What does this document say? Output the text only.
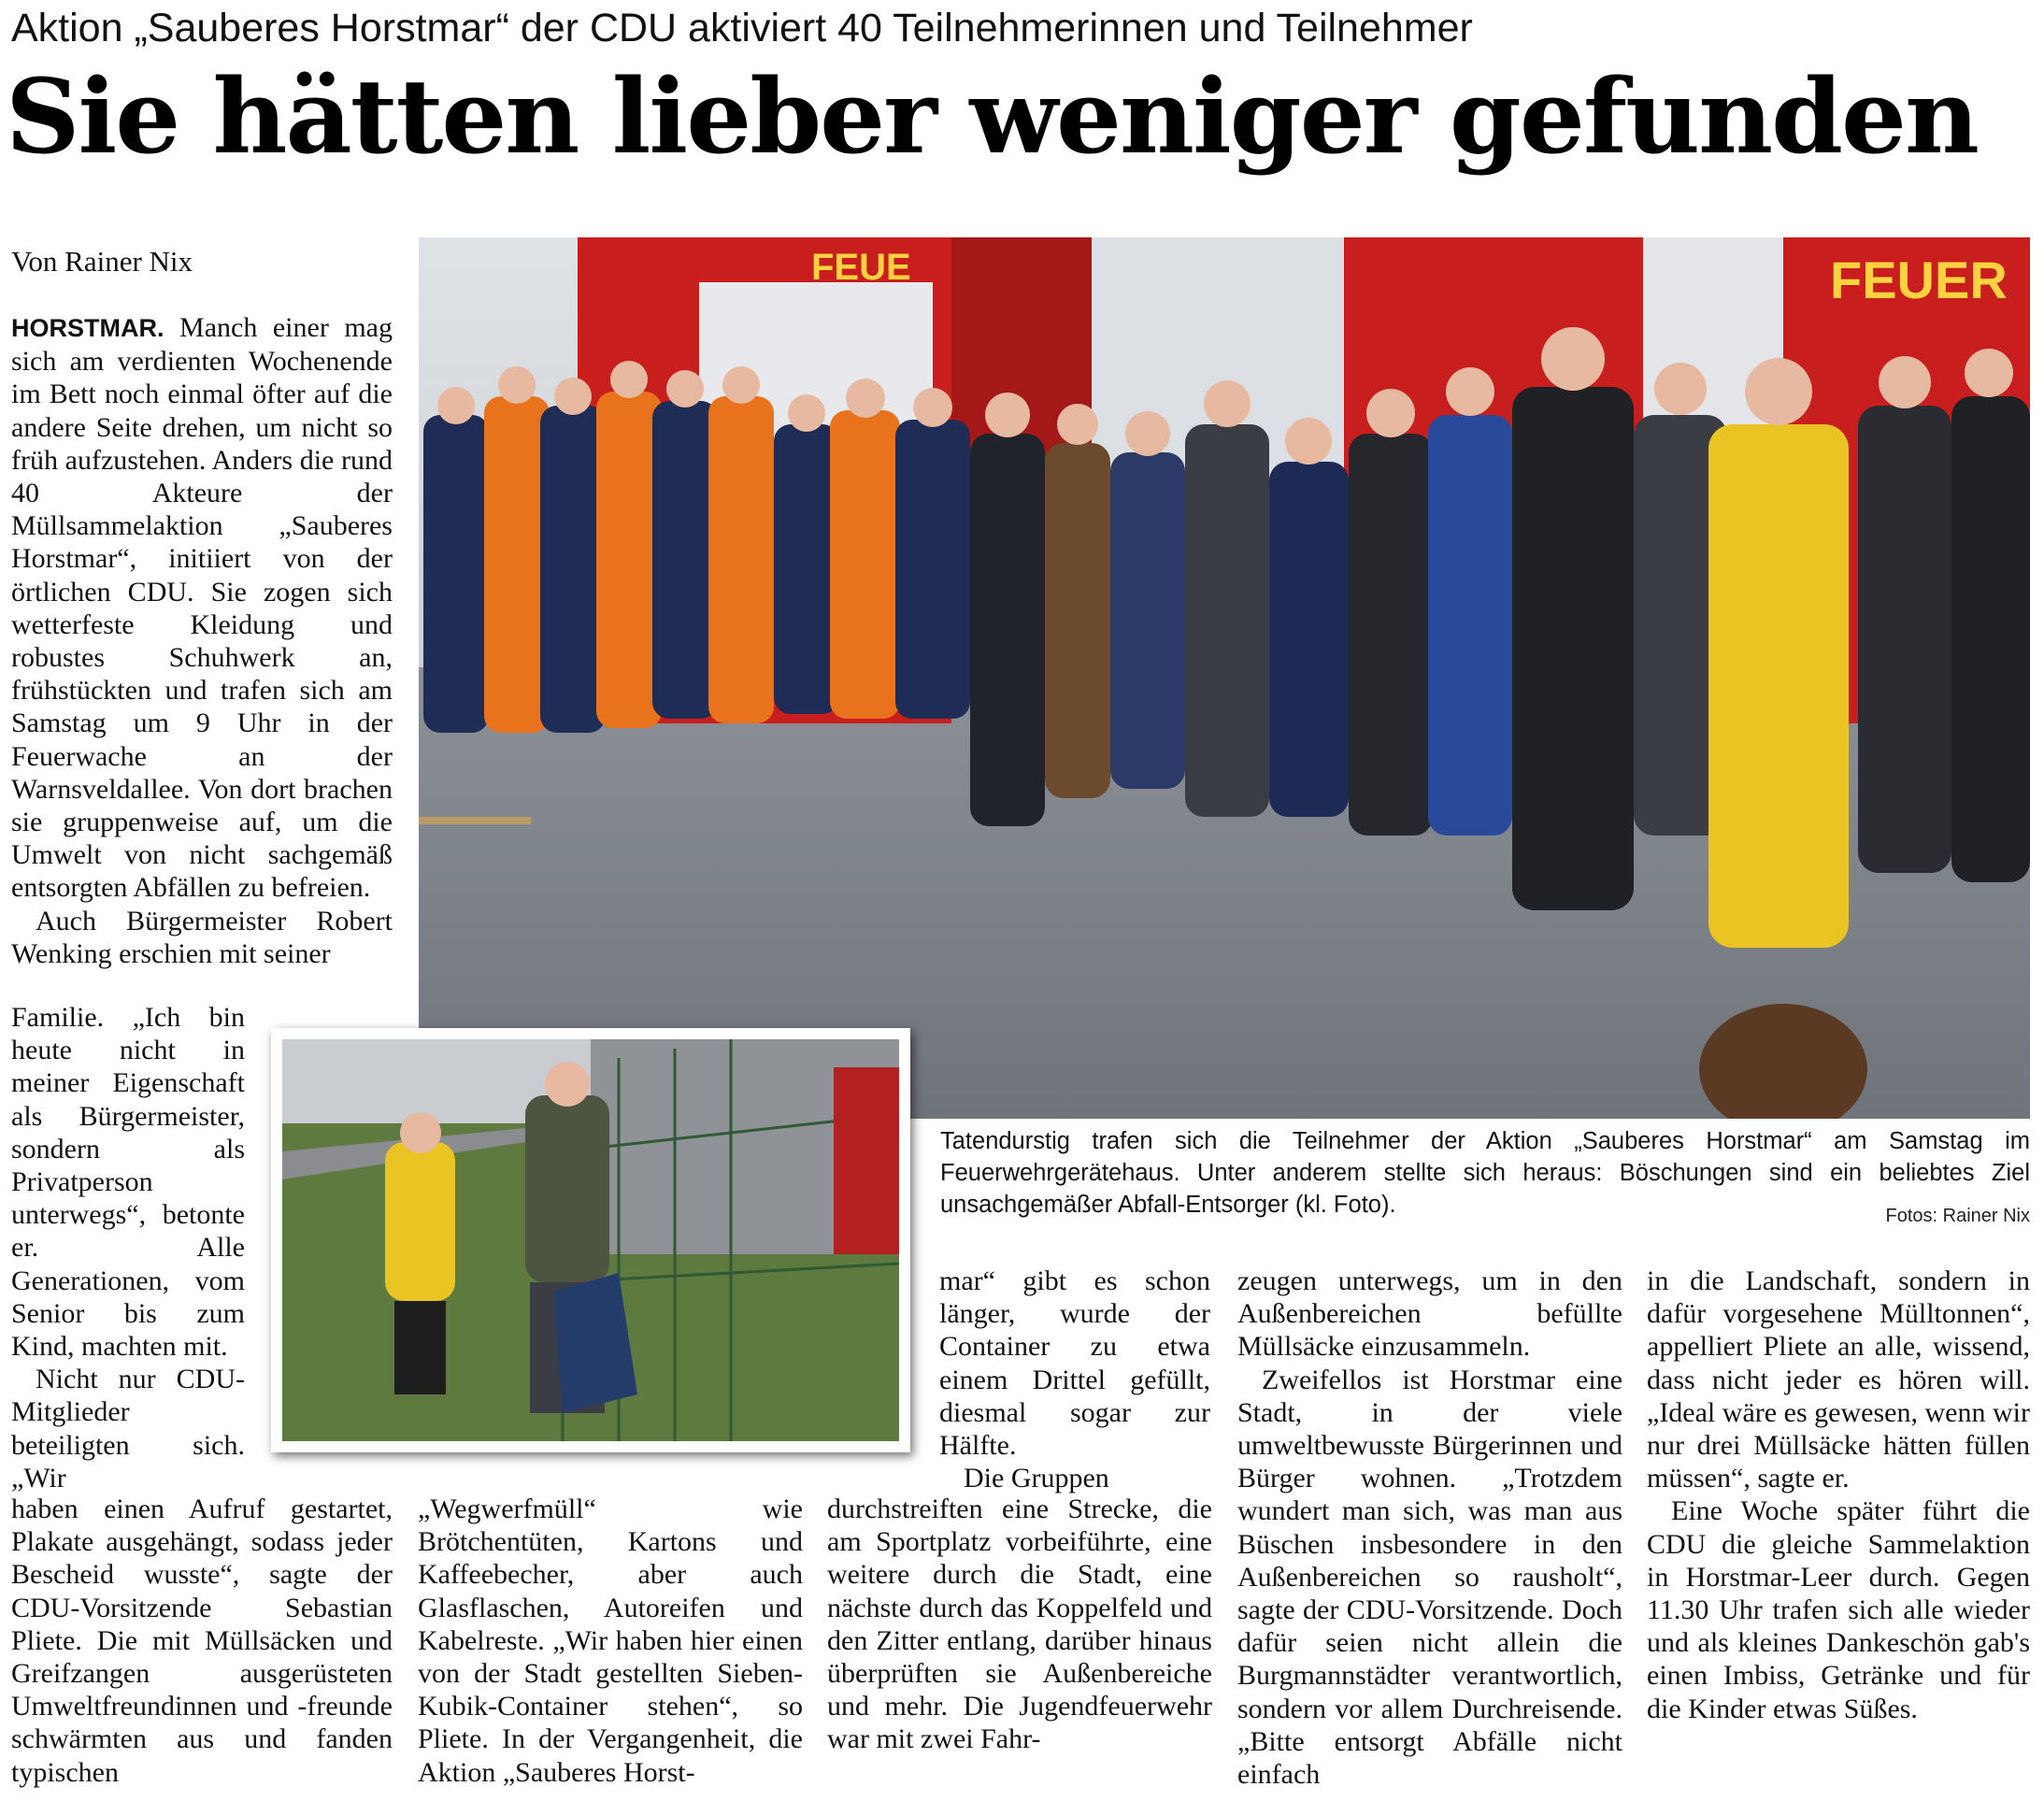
Aktion „Sauberes Horstmar“ der CDU aktiviert 40 Teilnehmerinnen und Teilnehmer
Sie hätten lieber weniger gefunden
Von Rainer Nix	FEUE	FEUER
Tatendurstig trafen sich die Teilnehmer der Aktion „Sauberes Horstmar“ am Samstag im Feuerwehrgerätehaus. Unter anderem stellte sich heraus: Böschungen sind ein beliebtes Ziel unsachgemäßer Abfall-Entsorger (kl. Foto).	Fotos: Rainer Nix

HORSTMAR. Manch einer mag sich am verdienten Wochenende im Bett noch einmal öfter auf die andere Seite drehen, um nicht so früh aufzustehen. Anders die rund 40 Akteure der Müllsammelaktion „Sauberes Horstmar“, initiiert von der örtlichen CDU. Sie zogen sich wetterfeste Kleidung und robustes Schuhwerk an, frühstückten und trafen sich am Samstag um 9 Uhr in der Feuerwache an der Warnsveldallee. Von dort brachen sie gruppenweise auf, um die Umwelt von nicht sachgemäß entsorgten Abfällen zu befreien.

Auch Bürgermeister Robert Wenking erschien mit seiner

Familie. „Ich bin heute nicht in meiner Eigenschaft als Bürgermeister, sondern als Privatperson unterwegs“, betonte er. Alle Generationen, vom Senior bis zum Kind, machten mit.

Nicht nur CDU-Mitglieder beteiligten sich. „Wir

haben einen Aufruf gestartet, Plakate ausgehängt, sodass jeder Bescheid wusste“, sagte der CDU-Vorsitzende Sebastian Pliete. Die mit Müllsäcken und Greifzangen ausgerüsteten Umweltfreundinnen und -freunde schwärmten aus und fanden typischen

„Wegwerfmüll“ wie Brötchentüten, Kartons und Kaffeebecher, aber auch Glasflaschen, Autoreifen und Kabelreste. „Wir haben hier einen von der Stadt gestellten Sieben-Kubik-Container stehen“, so Pliete. In der Vergangenheit, die Aktion „Sauberes Horst-

mar“ gibt es schon länger, wurde der Container zu etwa einem Drittel gefüllt, diesmal sogar zur Hälfte.

Die Gruppen

durchstreiften eine Strecke, die am Sportplatz vorbeiführte, eine weitere durch die Stadt, eine nächste durch das Koppelfeld und den Zitter entlang, darüber hinaus überprüften sie Außenbereiche und mehr. Die Jugendfeuerwehr war mit zwei Fahr-

zeugen unterwegs, um in den Außenbereichen befüllte Müllsäcke einzusammeln.

Zweifellos ist Horstmar eine Stadt, in der viele umweltbewusste Bürgerinnen und Bürger wohnen. „Trotzdem wundert man sich, was man aus Büschen insbesondere in den Außenbereichen so rausholt“, sagte der CDU-Vorsitzende. Doch dafür seien nicht allein die Burgmannstädter verantwortlich, sondern vor allem Durchreisende. „Bitte entsorgt Abfälle nicht einfach

in die Landschaft, sondern in dafür vorgesehene Mülltonnen“, appelliert Pliete an alle, wissend, dass nicht jeder es hören will. „Ideal wäre es gewesen, wenn wir nur drei Müllsäcke hätten füllen müssen“, sagte er.

Eine Woche später führt die CDU die gleiche Sammelaktion in Horstmar-Leer durch. Gegen 11.30 Uhr trafen sich alle wieder und als kleines Dankeschön gab's einen Imbiss, Getränke und für die Kinder etwas Süßes.
